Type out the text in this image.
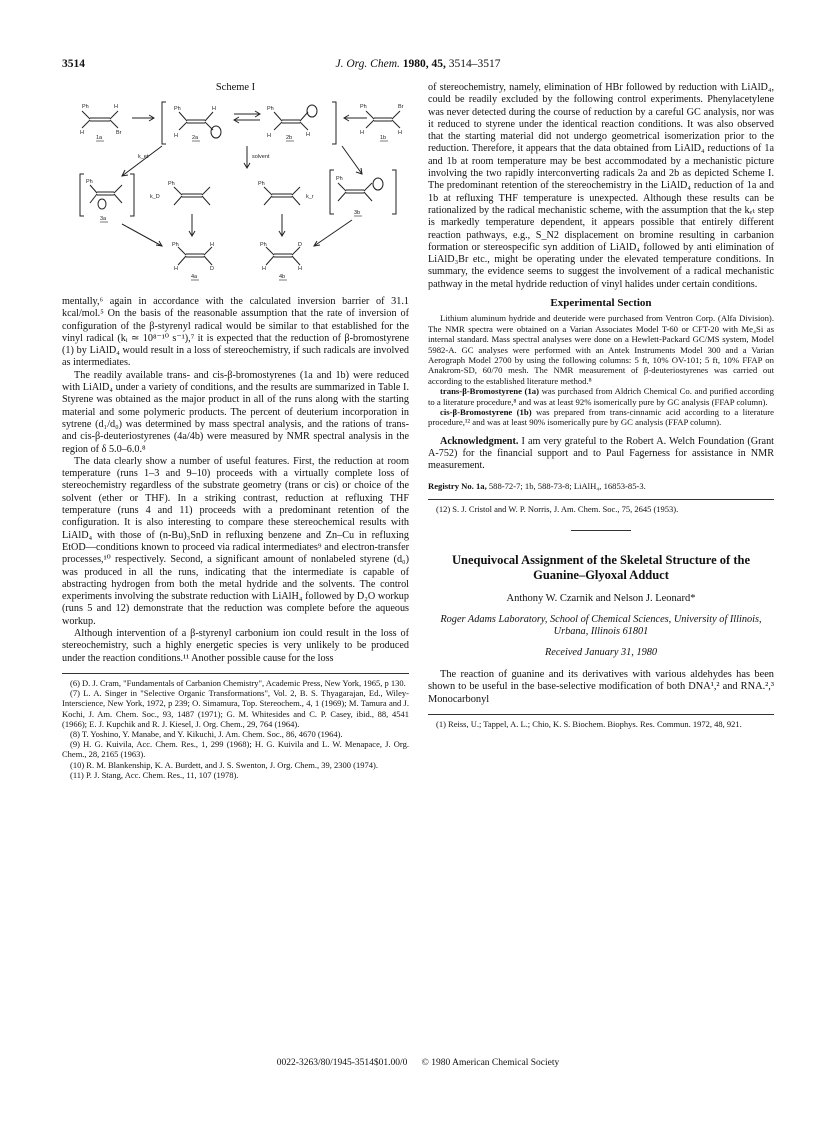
3514	J. Org. Chem. 1980, 45, 3514–3517
Scheme I
Ph	H
H	Br
1a
Ph	H
H	2a
Ph
H	H
2b
Ph	Br
H	H
1b
k_et	solvent
Ph
3a
k_D
Ph	Ph
k_r
Ph
3b
Ph	H
H	D
4a
Ph	D
H	H
4b

mentally,⁶ again in accordance with the calculated inversion barrier of 31.1 kcal/mol.⁵ On the basis of the reasonable assumption that the rate of inversion of configuration of the β-styrenyl radical would be similar to that established for the vinyl radical (kᵢ ≃ 10⁸⁻¹⁰ s⁻¹),⁷ it is expected that the reduction of β-bromostyrene (1) by LiAlD₄ would result in a loss of stereochemistry, if such radicals are involved as intermediates.

The readily available trans- and cis-β-bromostyrenes (1a and 1b) were reduced with LiAlD₄ under a variety of conditions, and the results are summarized in Table I. Styrene was obtained as the major product in all of the runs along with the starting material and some polymeric products. The percent of deuterium incorporation in sytrene (d₁/d₀) was determined by mass spectral analysis, and the rations of trans- and cis-β-deuteriostyrenes (4a/4b) were measured by NMR spectral analysis in the region of δ 5.0–6.0.⁸

The data clearly show a number of useful features. First, the reduction at room temperature (runs 1–3 and 9–10) proceeds with a virtually complete loss of stereochemistry regardless of the substrate geometry (trans or cis) or choice of the solvent (ether or THF). In a striking contrast, reduction at refluxing THF temperature (runs 4 and 11) proceeds with a predominant retention of the configuration. It is also interesting to compare these stereochemical results with LiAlD₄ with those of (n-Bu)₃SnD in refluxing benzene and Zn–Cu in refluxing EtOD—conditions known to proceed via radical intermediates⁹ and electron-transfer processes,¹⁰ respectively. Second, a significant amount of nonlabeled styrene (d₀) was produced in all the runs, indicating that the intermediate is capable of abstracting hydrogen from both the metal hydride and the solvents. The control experiments involving the substrate reduction with LiAlH₄ followed by D₂O workup (runs 5 and 12) demonstrate that the reduction was complete before the aqueous workup.

Although intervention of a β-styrenyl carbonium ion could result in the loss of stereochemistry, such a highly energetic species is very unlikely to be produced under the reaction conditions.¹¹ Another possible cause for the loss

(6) D. J. Cram, "Fundamentals of Carbanion Chemistry", Academic Press, New York, 1965, p 130.

(7) L. A. Singer in "Selective Organic Transformations", Vol. 2, B. S. Thyagarajan, Ed., Wiley-Interscience, New York, 1972, p 239; O. Simamura, Top. Stereochem., 4, 1 (1969); M. Tamura and J. Kochi, J. Am. Chem. Soc., 93, 1487 (1971); G. M. Whitesides and C. P. Casey, ibid., 88, 4541 (1966); E. J. Kupchik and R. J. Kiesel, J. Org. Chem., 29, 764 (1964).

(8) T. Yoshino, Y. Manabe, and Y. Kikuchi, J. Am. Chem. Soc., 86, 4670 (1964).

(9) H. G. Kuivila, Acc. Chem. Res., 1, 299 (1968); H. G. Kuivila and L. W. Menapace, J. Org. Chem., 28, 2165 (1963).

(10) R. M. Blankenship, K. A. Burdett, and J. S. Swenton, J. Org. Chem., 39, 2300 (1974).

(11) P. J. Stang, Acc. Chem. Res., 11, 107 (1978).

of stereochemistry, namely, elimination of HBr followed by reduction with LiAlD₄, could be readily excluded by the following control experiments. Phenylacetylene was never detected during the course of reduction by a careful GC analysis, nor was it reduced to styrene under the identical reaction conditions. It was also observed that the starting material did not undergo geometrical isomerization prior to the reduction. Therefore, it appears that the data obtained from LiAlD₄ reductions of 1a and 1b at room temperature may be best accommodated by a mechanistic picture involving the two rapidly interconverting radicals 2a and 2b as depicted Scheme I. The predominant retention of the stereochemistry in the LiAlD₄ reduction of 1a and 1b at refluxing THF temperature is unexpected. Although these results can be rationalized by the radical mechanistic scheme, with the assumption that the kₑₜ step is markedly temperature dependent, it appears possible that entirely different reaction pathways, e.g., S_N2 displacement on bromine resulting in carbanion formation or stereospecific syn addition of LiAlD₄ followed by anti elimination of LiAlD₃Br etc., might be operating under the elevated temperature conditions. In summary, the evidence seems to suggest the involvement of a radical mechanistic pathway in the metal hydride reduction of vinyl halides under certain conditions.

Experimental Section

Lithium aluminum hydride and deuteride were purchased from Ventron Corp. (Alfa Division). The NMR spectra were obtained on a Varian Associates Model T-60 or CFT-20 with Me₄Si as internal standard. Mass spectral analyses were done on a Hewlett-Packard GC/MS system, Model 5982-A. GC analyses were performed with an Antek Instruments Model 300 and a Varian Aerograph Model 2700 by using the following columns: 5 ft, 10% OV-101; 5 ft, 10% FFAP on Anakrom-SD, 60/70 mesh. The NMR measurement of β-deuteriostyrenes was carried out according to the established literature method.⁸

trans-β-Bromostyrene (1a) was purchased from Aldrich Chemical Co. and purified according to a literature procedure,⁸ and was at least 92% isomerically pure by GC analysis (FFAP column).

cis-β-Bromostyrene (1b) was prepared from trans-cinnamic acid according to a literature procedure,¹² and was at least 90% isomerically pure by GC analysis (FFAP column).

Acknowledgment. I am very grateful to the Robert A. Welch Foundation (Grant A-752) for the financial support and to Paul Fagerness for assistance in NMR measurement.

Registry No. 1a, 588-72-7; 1b, 588-73-8; LiAlH₄, 16853-85-3.

(12) S. J. Cristol and W. P. Norris, J. Am. Chem. Soc., 75, 2645 (1953).

Unequivocal Assignment of the Skeletal Structure of the Guanine–Glyoxal Adduct
Anthony W. Czarnik and Nelson J. Leonard*
Roger Adams Laboratory, School of Chemical Sciences, University of Illinois, Urbana, Illinois 61801
Received January 31, 1980

The reaction of guanine and its derivatives with various aldehydes has been shown to be useful in the base-selective modification of both DNA¹,² and RNA.²,³ Monocarbonyl

(1) Reiss, U.; Tappel, A. L.; Chio, K. S. Biochem. Biophys. Res. Commun. 1972, 48, 921.

0022-3263/80/1945-3514$01.00/0 © 1980 American Chemical Society
